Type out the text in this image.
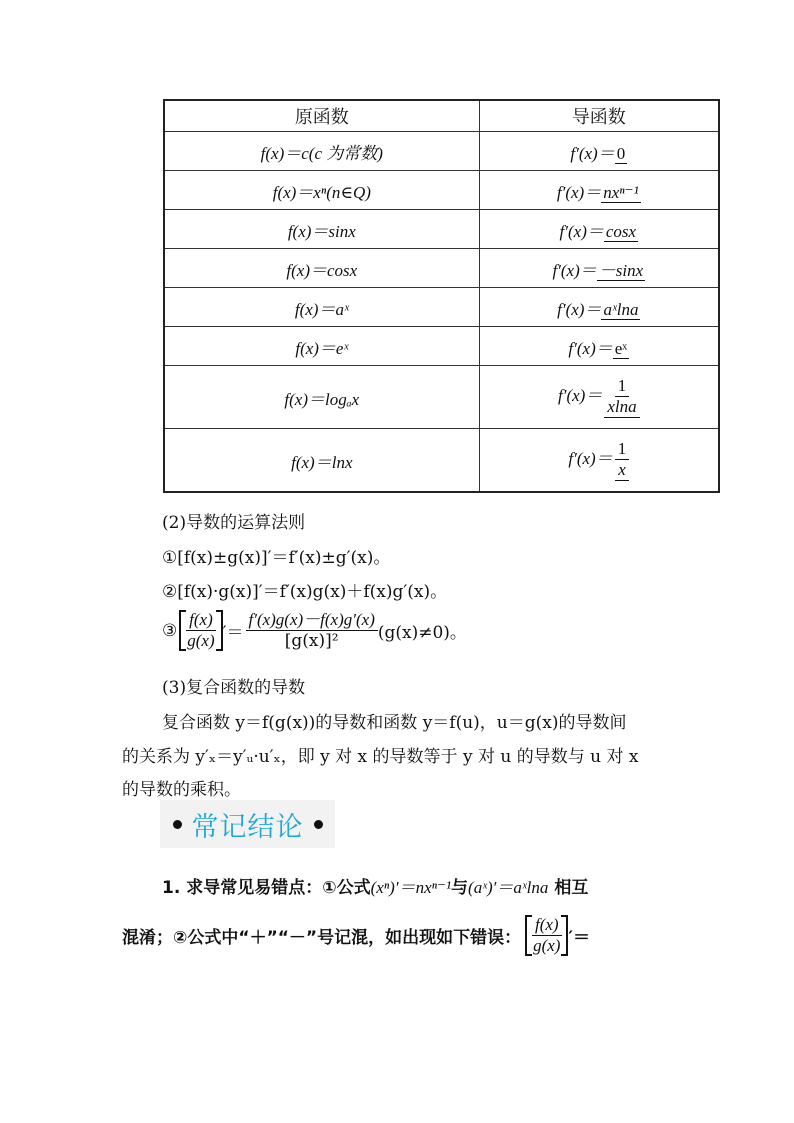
原函数	导函数
f(x)＝c(c 为常数)	f′(x)＝ 0
f(x)＝xⁿ(n∈Q)	f′(x)＝ nxⁿ⁻¹
f(x)＝sinx	f′(x)＝ cosx
f(x)＝cosx	f′(x)＝ －sinx
f(x)＝aˣ	f′(x)＝ aˣlna
f(x)＝eˣ	f′(x)＝ eˣ
f(x)＝logₐx	$f'(x)= \frac{1}{xlna}$

f(x)＝lnx	$f'(x)= \frac{1}{x}$
(2)导数的运算法则
①[f(x)±g(x)]′＝f′(x)±g′(x)。
②[f(x)·g(x)]′＝f′(x)g(x)＋f(x)g′(x)。
③ $\frac{f(x)}{g(x)}$ ′＝ $\frac{f'(x)g(x)-f(x)g'(x)}{\text{[g(x)]²}} (g(x)\ne 0)$。
(3)复合函数的导数
复合函数 y＝f(g(x))的导数和函数 y＝f(u)，u＝g(x)的导数间
的关系为 y′ₓ＝y′ᵤ·u′ₓ，即 y 对 x 的导数等于 y 对 u 的导数与 u 对 x
的导数的乘积。
常记结论
1. 求导常见易错点：①公式(xⁿ)′＝nxⁿ⁻¹与(aˣ)′＝aˣlna 相互
混淆；②公式中“＋”“－”号记混，如出现如下错误： $\frac{f(x)}{g(x)}$ ′＝
